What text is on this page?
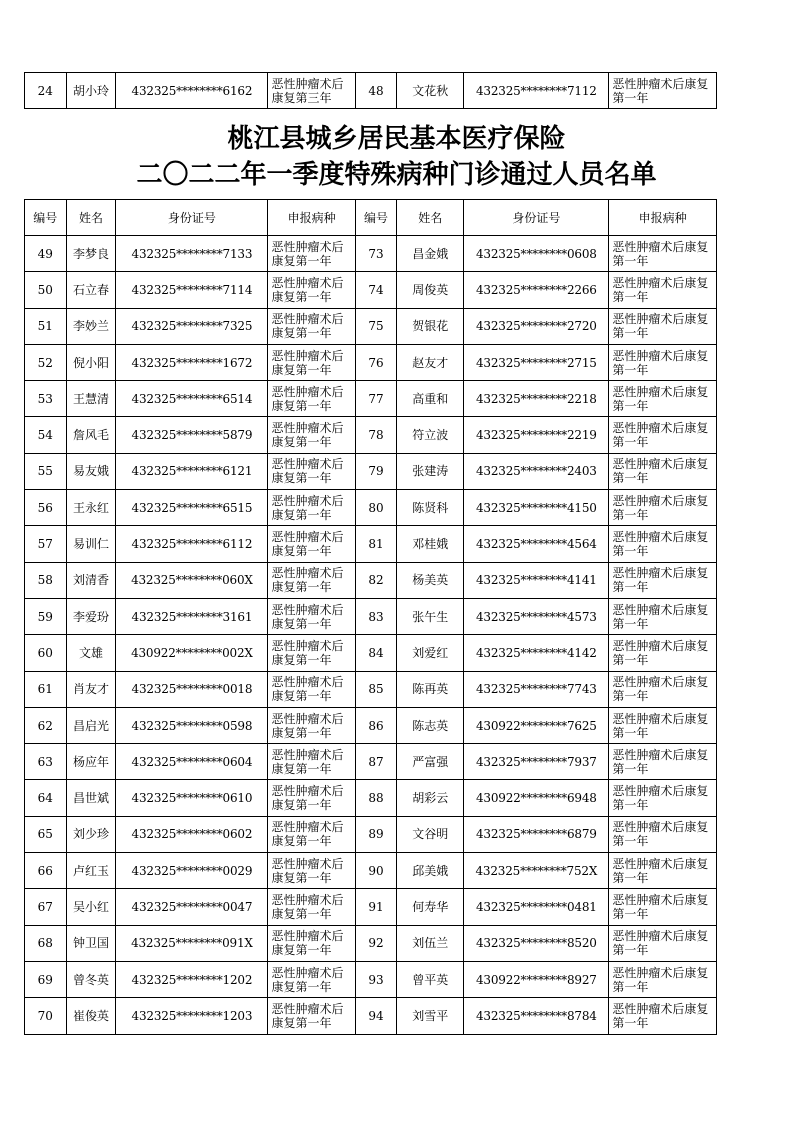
24	胡小玲	432325********6162	恶性肿瘤术后康复第三年	48	文花秋	432325********7112	恶性肿瘤术后康复第一年
桃江县城乡居民基本医疗保险
二〇二二年一季度特殊病种门诊通过人员名单
编号	姓名	身份证号	申报病种	编号	姓名	身份证号	申报病种
49	李梦良	432325********7133	恶性肿瘤术后康复第一年	73	昌金娥	432325********0608	恶性肿瘤术后康复第一年
50	石立春	432325********7114	恶性肿瘤术后康复第一年	74	周俊英	432325********2266	恶性肿瘤术后康复第一年
51	李妙兰	432325********7325	恶性肿瘤术后康复第一年	75	贺银花	432325********2720	恶性肿瘤术后康复第一年
52	倪小阳	432325********1672	恶性肿瘤术后康复第一年	76	赵友才	432325********2715	恶性肿瘤术后康复第一年
53	王慧清	432325********6514	恶性肿瘤术后康复第一年	77	高重和	432325********2218	恶性肿瘤术后康复第一年
54	詹风毛	432325********5879	恶性肿瘤术后康复第一年	78	符立波	432325********2219	恶性肿瘤术后康复第一年
55	易友娥	432325********6121	恶性肿瘤术后康复第一年	79	张建涛	432325********2403	恶性肿瘤术后康复第一年
56	王永红	432325********6515	恶性肿瘤术后康复第一年	80	陈贤科	432325********4150	恶性肿瘤术后康复第一年
57	易训仁	432325********6112	恶性肿瘤术后康复第一年	81	邓桂娥	432325********4564	恶性肿瘤术后康复第一年
58	刘清香	432325********060X	恶性肿瘤术后康复第一年	82	杨美英	432325********4141	恶性肿瘤术后康复第一年
59	李爱玢	432325********3161	恶性肿瘤术后康复第一年	83	张午生	432325********4573	恶性肿瘤术后康复第一年
60	文雄	430922********002X	恶性肿瘤术后康复第一年	84	刘爱红	432325********4142	恶性肿瘤术后康复第一年
61	肖友才	432325********0018	恶性肿瘤术后康复第一年	85	陈再英	432325********7743	恶性肿瘤术后康复第一年
62	昌启光	432325********0598	恶性肿瘤术后康复第一年	86	陈志英	430922********7625	恶性肿瘤术后康复第一年
63	杨应年	432325********0604	恶性肿瘤术后康复第一年	87	严富强	432325********7937	恶性肿瘤术后康复第一年
64	昌世斌	432325********0610	恶性肿瘤术后康复第一年	88	胡彩云	430922********6948	恶性肿瘤术后康复第一年
65	刘少珍	432325********0602	恶性肿瘤术后康复第一年	89	文谷明	432325********6879	恶性肿瘤术后康复第一年
66	卢红玉	432325********0029	恶性肿瘤术后康复第一年	90	邱美娥	432325********752X	恶性肿瘤术后康复第一年
67	吴小红	432325********0047	恶性肿瘤术后康复第一年	91	何寿华	432325********0481	恶性肿瘤术后康复第一年
68	钟卫国	432325********091X	恶性肿瘤术后康复第一年	92	刘伍兰	432325********8520	恶性肿瘤术后康复第一年
69	曾冬英	432325********1202	恶性肿瘤术后康复第一年	93	曾平英	430922********8927	恶性肿瘤术后康复第一年
70	崔俊英	432325********1203	恶性肿瘤术后康复第一年	94	刘雪平	432325********8784	恶性肿瘤术后康复第一年
